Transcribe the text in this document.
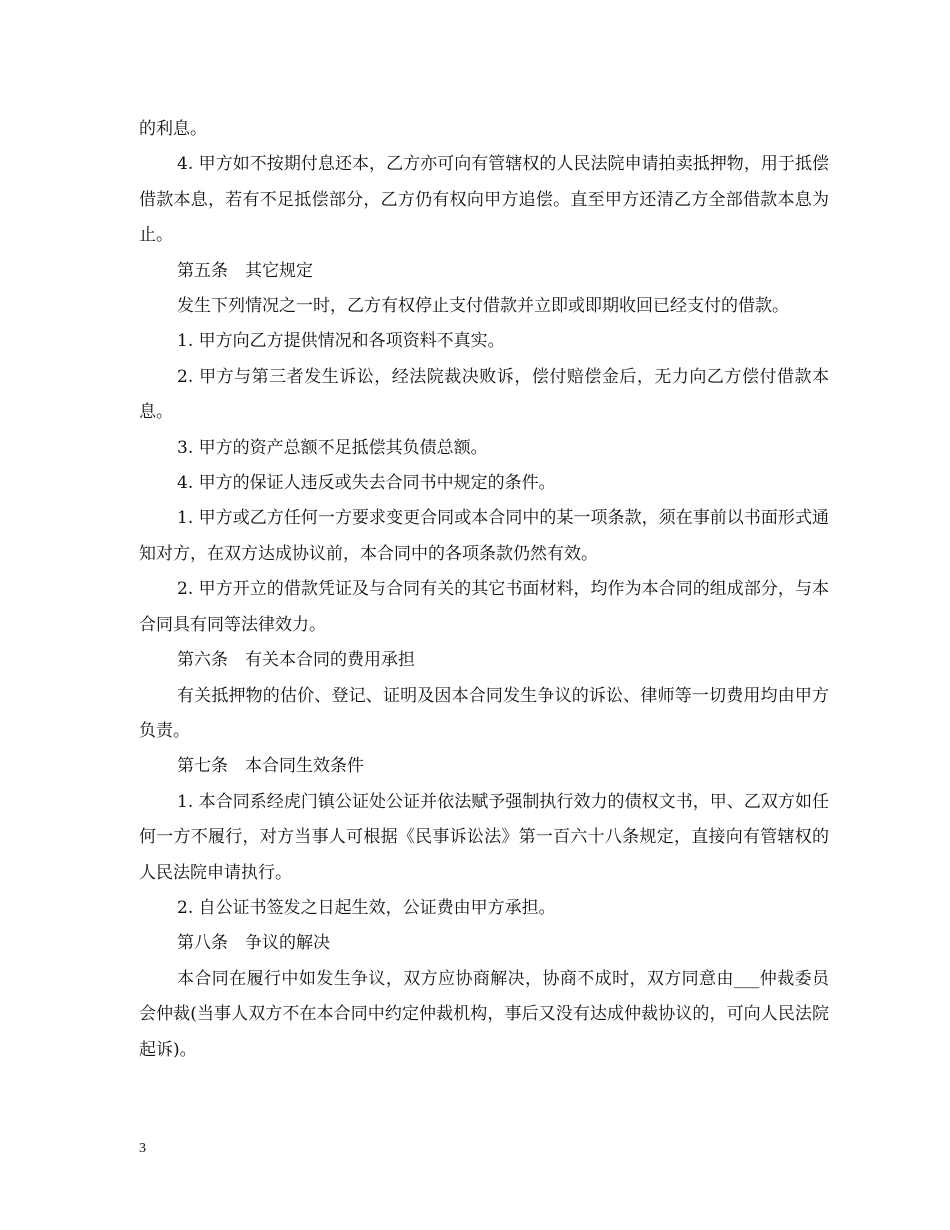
的利息。

4. 甲方如不按期付息还本，乙方亦可向有管辖权的人民法院申请拍卖抵押物，用于抵偿借款本息，若有不足抵偿部分，乙方仍有权向甲方追偿。直至甲方还清乙方全部借款本息为止。

第五条　其它规定

发生下列情况之一时，乙方有权停止支付借款并立即或即期收回已经支付的借款。

1. 甲方向乙方提供情况和各项资料不真实。

2. 甲方与第三者发生诉讼，经法院裁决败诉，偿付赔偿金后，无力向乙方偿付借款本息。

3. 甲方的资产总额不足抵偿其负债总额。

4. 甲方的保证人违反或失去合同书中规定的条件。

1. 甲方或乙方任何一方要求变更合同或本合同中的某一项条款，须在事前以书面形式通知对方，在双方达成协议前，本合同中的各项条款仍然有效。

2. 甲方开立的借款凭证及与合同有关的其它书面材料，均作为本合同的组成部分，与本合同具有同等法律效力。

第六条　有关本合同的费用承担

有关抵押物的估价、登记、证明及因本合同发生争议的诉讼、律师等一切费用均由甲方负责。

第七条　本合同生效条件

1. 本合同系经虎门镇公证处公证并依法赋予强制执行效力的债权文书，甲、乙双方如任何一方不履行，对方当事人可根据《民事诉讼法》第一百六十八条规定，直接向有管辖权的人民法院申请执行。

2. 自公证书签发之日起生效，公证费由甲方承担。

第八条　争议的解决

本合同在履行中如发生争议，双方应协商解决，协商不成时，双方同意由___仲裁委员会仲裁(当事人双方不在本合同中约定仲裁机构，事后又没有达成仲裁协议的，可向人民法院起诉)。

3
